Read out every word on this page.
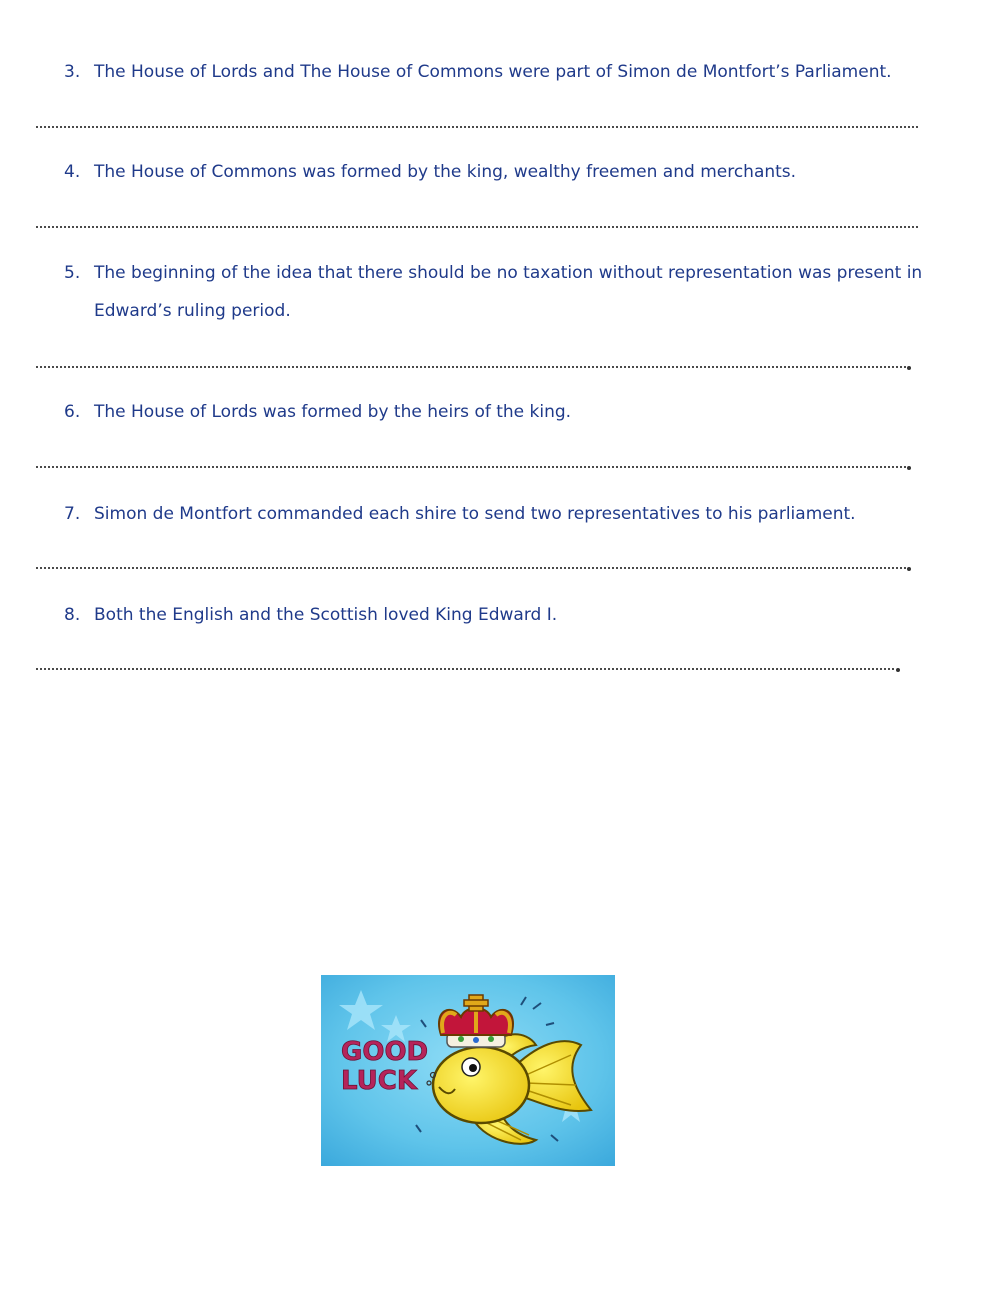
3. The House of Lords and The House of Commons were part of Simon de Montfort’s Parliament.
4. The House of Commons was formed by the king, wealthy freemen and merchants.
5. The beginning of the idea that there should be no taxation without representation was present in
Edward’s ruling period.
6. The House of Lords was formed by the heirs of the king.
7. Simon de Montfort commanded each shire to send two representatives to his parliament.
8. Both the English and the Scottish loved King Edward I.
GOOD
LUCK
